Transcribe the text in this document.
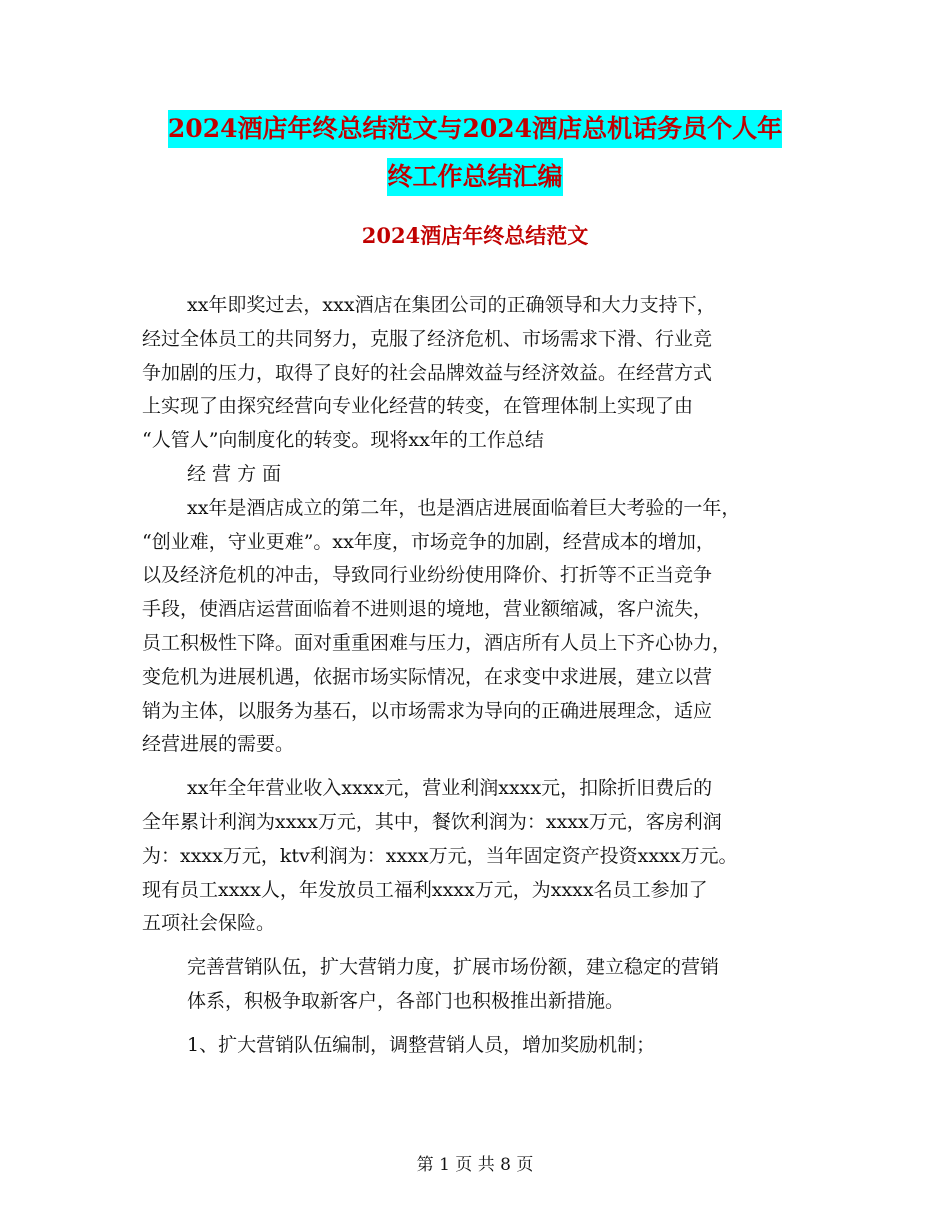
2024酒店年终总结范文与2024酒店总机话务员个人年
终工作总结汇编
2024酒店年终总结范文
xx年即奖过去，xxx酒店在集团公司的正确领导和大力支持下，
经过全体员工的共同努力，克服了经济危机、市场需求下滑、行业竞
争加剧的压力，取得了良好的社会品牌效益与经济效益。在经营方式
上实现了由探究经营向专业化经营的转变，在管理体制上实现了由
“人管人”向制度化的转变。现将xx年的工作总结
经 营 方 面
xx年是酒店成立的第二年，也是酒店进展面临着巨大考验的一年，
“创业难，守业更难”。xx年度，市场竞争的加剧，经营成本的增加，
以及经济危机的冲击，导致同行业纷纷使用降价、打折等不正当竞争
手段，使酒店运营面临着不进则退的境地，营业额缩减，客户流失，
员工积极性下降。面对重重困难与压力，酒店所有人员上下齐心协力，
变危机为进展机遇，依据市场实际情况，在求变中求进展，建立以营
销为主体，以服务为基石，以市场需求为导向的正确进展理念，适应
经营进展的需要。
xx年全年营业收入xxxx元，营业利润xxxx元，扣除折旧费后的
全年累计利润为xxxx万元，其中，餐饮利润为：xxxx万元，客房利润
为：xxxx万元，ktv利润为：xxxx万元，当年固定资产投资xxxx万元。
现有员工xxxx人，年发放员工福利xxxx万元，为xxxx名员工参加了
五项社会保险。
完善营销队伍，扩大营销力度，扩展市场份额，建立稳定的营销
体系，积极争取新客户，各部门也积极推出新措施。
1、扩大营销队伍编制，调整营销人员，增加奖励机制；
第 1 页 共 8 页
